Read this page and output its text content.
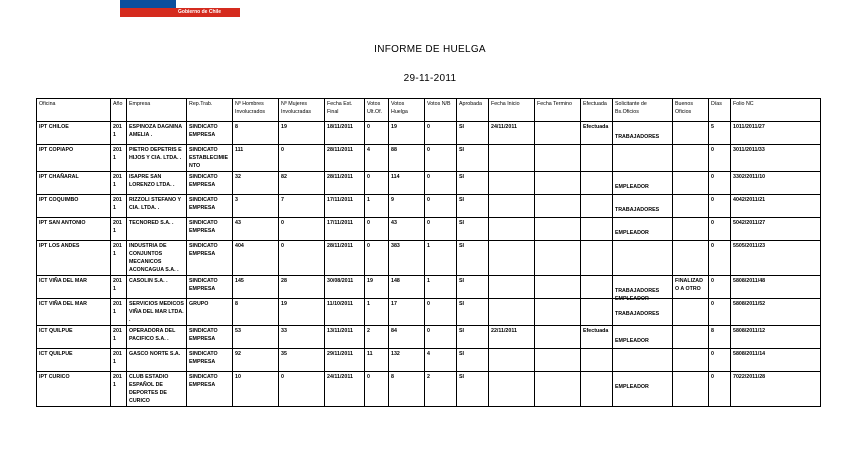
Gobierno de Chile
INFORME DE HUELGA
29-11-2011
Oficina	Año	Empresa	Rep.Trab.	Nº Hombres Involucrados	Nº Mujeres Involucradas	Fecha Est. Final	Votos Ult.Of.	Votos Huelga	Votos N/B	Aprobada	Fecha Inicio	Fecha Termino	Efectuada	Solicitante de Bs.Oficios	Buenos Oficios	Días	Folio NC
IPT CHILOE	2011	ESPINOZA DAGNINA AMELIA .	SINDICATO EMPRESA	8	19	18/11/2011	0	19	0	SI	24/11/2011		Efectuada	TRABAJADORES		5	1011/2011/27
IPT COPIAPO	2011	PIETRO DEPETRIS E HIJOS Y CIA. LTDA. .	SINDICATO ESTABLECIMIENTO	111	0	28/11/2011	4	88	0	SI						0	3011/2011/33
IPT CHAÑARAL	2011	ISAPRE SAN LORENZO LTDA. .	SINDICATO EMPRESA	32	82	28/11/2011	0	114	0	SI				EMPLEADOR		0	3302/2011/10
IPT COQUIMBO	2011	RIZZOLI STEFANO Y CIA. LTDA. .	SINDICATO EMPRESA	3	7	17/11/2011	1	9	0	SI				TRABAJADORES		0	4042/2011/21
IPT SAN ANTONIO	2011	TECNORED S.A. .	SINDICATO EMPRESA	43	0	17/11/2011	0	43	0	SI				EMPLEADOR		0	5042/2011/27
IPT LOS ANDES	2011	INDUSTRIA DE CONJUNTOS MECANICOS ACONCAGUA S.A. .	SINDICATO EMPRESA	404	0	28/11/2011	0	383	1	SI						0	5505/2011/23
ICT VIÑA DEL MAR	2011	CASOLIN S.A. .	SINDICATO EMPRESA	145	28	30/08/2011	19	148	1	SI				TRABAJADORES EMPLEADOR	FINALIZADO A OTRO	0	5808/2011/48
ICT VIÑA DEL MAR	2011	SERVICIOS MEDICOS VIÑA DEL MAR LTDA. .	GRUPO	8	19	11/10/2011	1	17	0	SI				TRABAJADORES		0	5808/2011/52
ICT QUILPUE	2011	OPERADORA DEL PACIFICO S.A. .	SINDICATO EMPRESA	53	33	13/11/2011	2	84	0	SI	22/11/2011		Efectuada	EMPLEADOR		8	5808/2011/12
ICT QUILPUE	2011	GASCO NORTE S.A.	SINDICATO EMPRESA	92	35	29/11/2011	11	132	4	SI						0	5808/2011/14
IPT CURICO	2011	CLUB ESTADIO ESPAÑOL DE DEPORTES DE CURICO	SINDICATO EMPRESA	10	0	24/11/2011	0	8	2	SI				EMPLEADOR		0	7022/2011/28
